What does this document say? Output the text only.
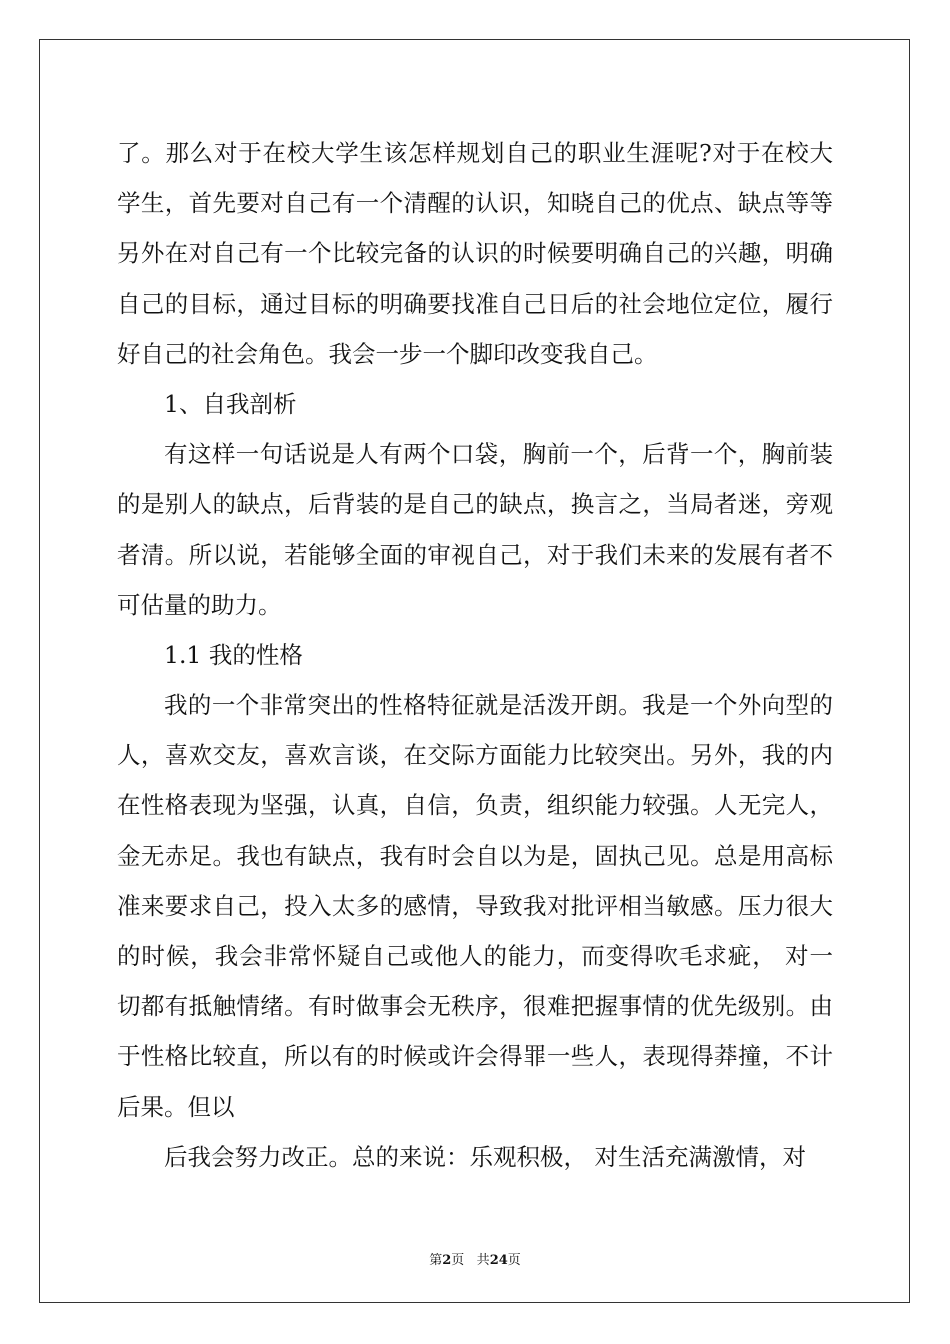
了。那么对于在校大学生该怎样规划自己的职业生涯呢?对于在校大
学生，首先要对自己有一个清醒的认识，知晓自己的优点、缺点等等
另外在对自己有一个比较完备的认识的时候要明确自己的兴趣，明确
自己的目标，通过目标的明确要找准自己日后的社会地位定位，履行
好自己的社会角色。我会一步一个脚印改变我自己。
1、自我剖析
有这样一句话说是人有两个口袋，胸前一个，后背一个，胸前装
的是别人的缺点，后背装的是自己的缺点，换言之，当局者迷，旁观
者清。所以说，若能够全面的审视自己，对于我们未来的发展有者不
可估量的助力。
1.1 我的性格
我的一个非常突出的性格特征就是活泼开朗。我是一个外向型的
人，喜欢交友，喜欢言谈，在交际方面能力比较突出。另外，我的内
在性格表现为坚强，认真，自信，负责，组织能力较强。人无完人，
金无赤足。我也有缺点，我有时会自以为是，固执己见。总是用高标
准来要求自己，投入太多的感情，导致我对批评相当敏感。压力很大
的时候，我会非常怀疑自己或他人的能力，而变得吹毛求疵， 对一
切都有抵触情绪。有时做事会无秩序，很难把握事情的优先级别。由
于性格比较直，所以有的时候或许会得罪一些人，表现得莽撞，不计
后果。但以
后我会努力改正。总的来说：乐观积极， 对生活充满激情，对
第2页 共24页
